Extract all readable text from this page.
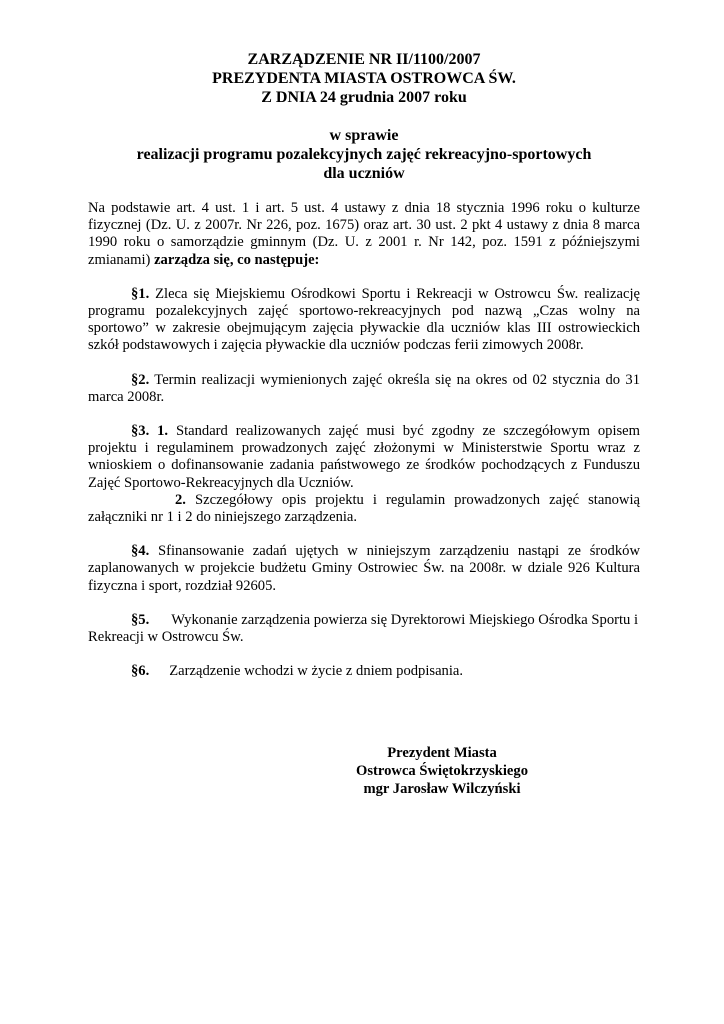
ZARZĄDZENIE NR II/1100/2007
PREZYDENTA MIASTA OSTROWCA ŚW.
Z DNIA 24 grudnia 2007 roku
w sprawie
realizacji programu pozalekcyjnych zajęć rekreacyjno-sportowych
dla uczniów

Na podstawie art. 4 ust. 1 i art. 5 ust. 4 ustawy z dnia 18 stycznia 1996 roku o kulturze fizycznej (Dz. U. z 2007r. Nr 226, poz. 1675) oraz art. 30 ust. 2 pkt 4 ustawy z dnia 8 marca 1990 roku o samorządzie gminnym (Dz. U. z 2001 r. Nr 142, poz. 1591 z późniejszymi zmianami) zarządza się, co następuje:

§1. Zleca się Miejskiemu Ośrodkowi Sportu i Rekreacji w Ostrowcu Św. realizację programu pozalekcyjnych zajęć sportowo-rekreacyjnych pod nazwą „Czas wolny na sportowo” w zakresie obejmującym zajęcia pływackie dla uczniów klas III ostrowieckich szkół podstawowych i zajęcia pływackie dla uczniów podczas ferii zimowych 2008r.

§2. Termin realizacji wymienionych zajęć określa się na okres od 02 stycznia do 31 marca 2008r.

§3. 1. Standard realizowanych zajęć musi być zgodny ze szczegółowym opisem projektu i regulaminem prowadzonych zajęć złożonymi w Ministerstwie Sportu wraz z wnioskiem o dofinansowanie zadania państwowego ze środków pochodzących z Funduszu Zajęć Sportowo-Rekreacyjnych dla Uczniów.

2. Szczegółowy opis projektu i regulamin prowadzonych zajęć stanowią załączniki nr 1 i 2 do niniejszego zarządzenia.

§4. Sfinansowanie zadań ujętych w niniejszym zarządzeniu nastąpi ze środków zaplanowanych w projekcie budżetu Gminy Ostrowiec Św. na 2008r. w dziale 926 Kultura fizyczna i sport, rozdział 92605.

§5. Wykonanie zarządzenia powierza się Dyrektorowi Miejskiego Ośrodka Sportu i Rekreacji w Ostrowcu Św.

§6. Zarządzenie wchodzi w życie z dniem podpisania.

Prezydent Miasta
Ostrowca Świętokrzyskiego
mgr Jarosław Wilczyński
